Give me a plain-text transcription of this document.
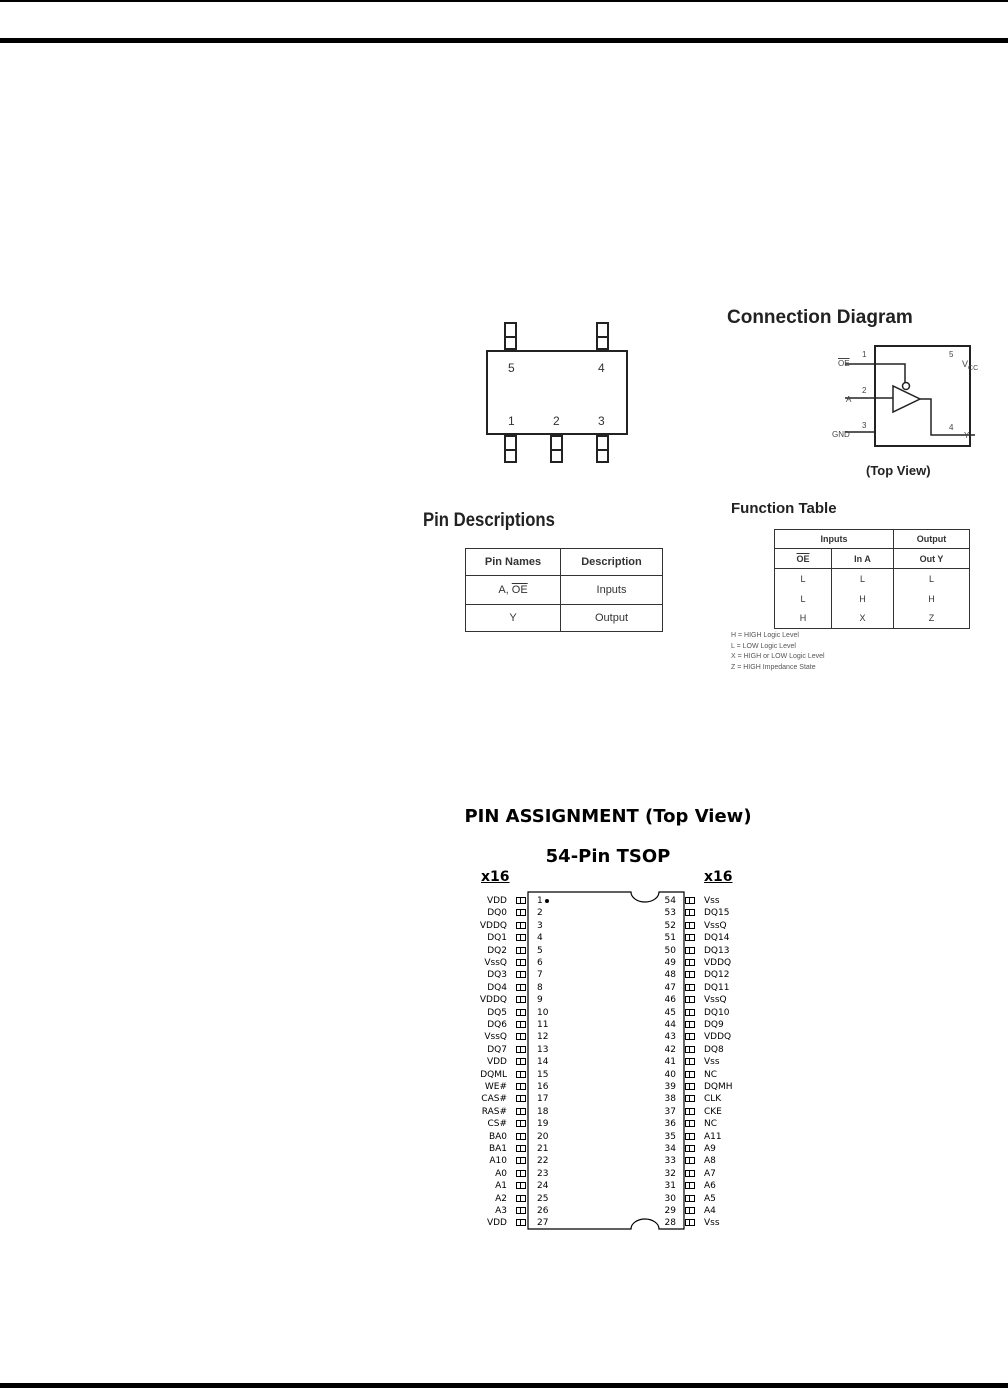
5	4
1	2	3
Connection Diagram
1
$\overline{OE}$
2
A
3
GND
5
$V_{CC}$
4
Y
(Top View)
Pin Descriptions
Pin Names	Description
A, $\overline{OE}$	Inputs
Y	Output
Function Table
Inputs		Output
$\overline{OE}$	In A	Out Y
L	L	L
L	H	H
H	X	Z
H = HIGH Logic Level
L = LOW Logic Level
X = HIGH or LOW Logic Level
Z = HIGH Impedance State
PIN ASSIGNMENT (Top View)
54-Pin TSOP
x16	x16
VDD	1
DQ0	2
VDDQ	3
DQ1	4
DQ2	5
VssQ	6
DQ3	7
DQ4	8
VDDQ	9
DQ5	10
DQ6	11
VssQ	12
DQ7	13
VDD	14
DQML	15
WE#	16
CAS#	17
RAS#	18
CS#	19
BA0	20
BA1	21
A10	22
A0	23
A1	24
A2	25
A3	26
VDD	27
54	Vss
53	DQ15
52	VssQ
51	DQ14
50	DQ13
49	VDDQ
48	DQ12
47	DQ11
46	VssQ
45	DQ10
44	DQ9
43	VDDQ
42	DQ8
41	Vss
40	NC
39	DQMH
38	CLK
37	CKE
36	NC
35	A11
34	A9
33	A8
32	A7
31	A6
30	A5
29	A4
28	Vss
